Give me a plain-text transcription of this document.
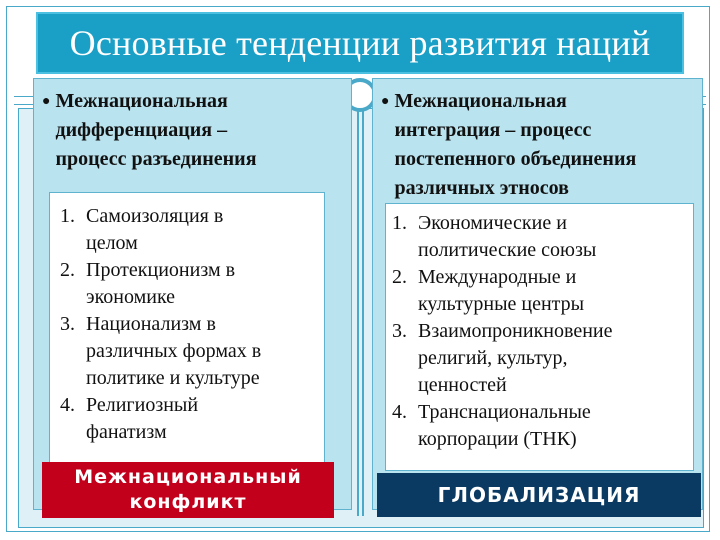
Основные тенденции развития наций
● Межнациональная
дифференциация –
процесс разъединения
1. Самоизоляция в
целом
2. Протекционизм в
экономике
3. Национализм в
различных формах в
политике и культуре
4. Религиозный
фанатизм
● Межнациональная
интеграция – процесс
постепенного объединения
различных этносов
1. Экономические и
политические союзы
2. Международные и
культурные центры
3. Взаимопроникновение
религий, культур,
ценностей
4. Транснациональные
корпорации (ТНК)
Межнациональный
конфликт	ГЛОБАЛИЗАЦИЯ
